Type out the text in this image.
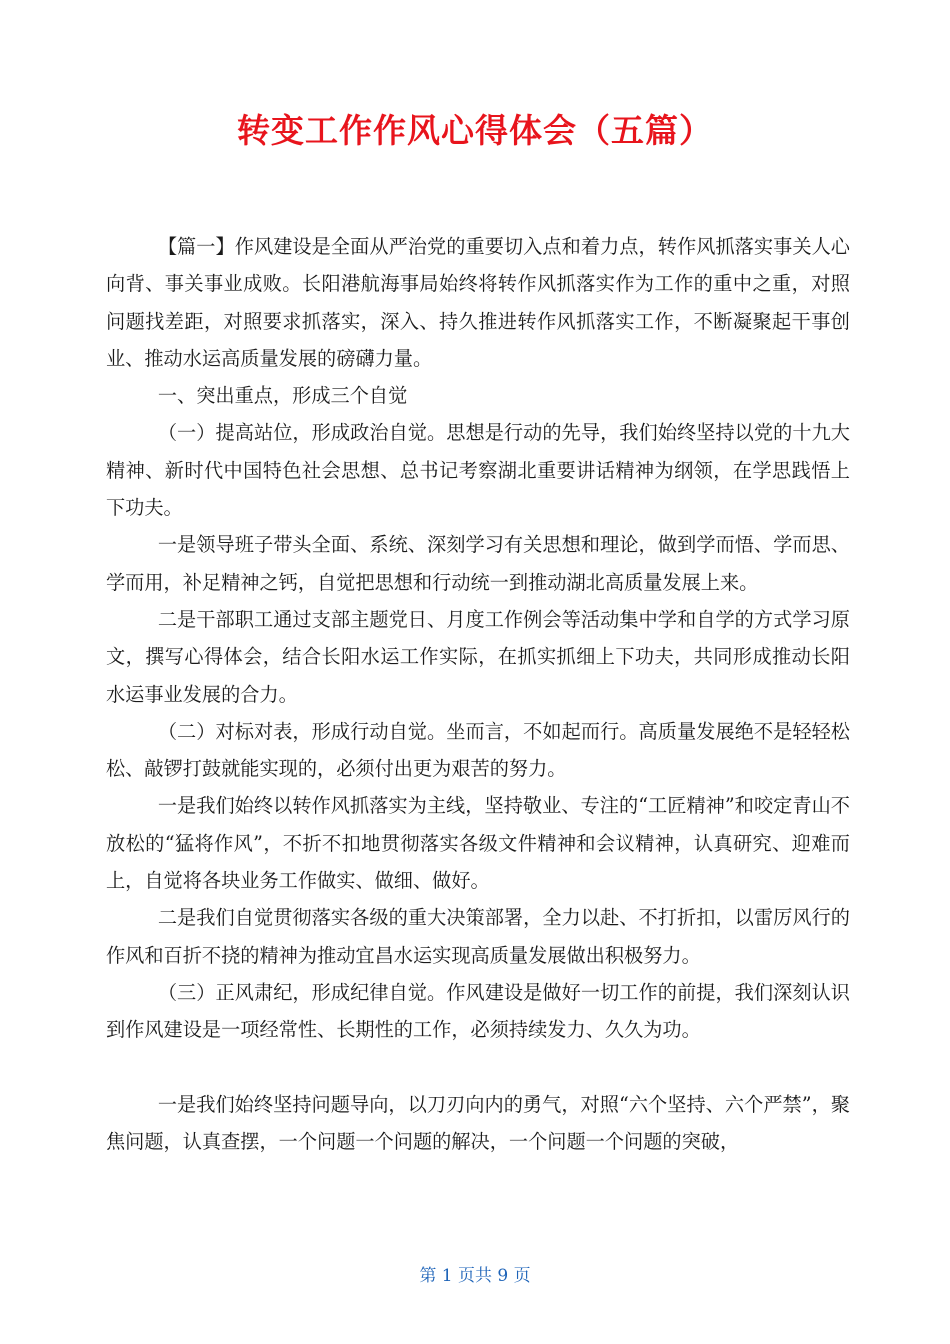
转变工作作风心得体会（五篇）

【篇一】作风建设是全面从严治党的重要切入点和着力点，转作风抓落实事关人心向背、事关事业成败。长阳港航海事局始终将转作风抓落实作为工作的重中之重，对照问题找差距，对照要求抓落实，深入、持久推进转作风抓落实工作，不断凝聚起干事创业、推动水运高质量发展的磅礴力量。

一、突出重点，形成三个自觉

（一）提高站位，形成政治自觉。思想是行动的先导，我们始终坚持以党的十九大精神、新时代中国特色社会思想、总书记考察湖北重要讲话精神为纲领，在学思践悟上下功夫。

一是领导班子带头全面、系统、深刻学习有关思想和理论，做到学而悟、学而思、学而用，补足精神之钙，自觉把思想和行动统一到推动湖北高质量发展上来。

二是干部职工通过支部主题党日、月度工作例会等活动集中学和自学的方式学习原文，撰写心得体会，结合长阳水运工作实际，在抓实抓细上下功夫，共同形成推动长阳水运事业发展的合力。

（二）对标对表，形成行动自觉。坐而言，不如起而行。高质量发展绝不是轻轻松松、敲锣打鼓就能实现的，必须付出更为艰苦的努力。

一是我们始终以转作风抓落实为主线，坚持敬业、专注的“工匠精神”和咬定青山不放松的“猛将作风”，不折不扣地贯彻落实各级文件精神和会议精神，认真研究、迎难而上，自觉将各块业务工作做实、做细、做好。

二是我们自觉贯彻落实各级的重大决策部署，全力以赴、不打折扣，以雷厉风行的作风和百折不挠的精神为推动宜昌水运实现高质量发展做出积极努力。

（三）正风肃纪，形成纪律自觉。作风建设是做好一切工作的前提，我们深刻认识到作风建设是一项经常性、长期性的工作，必须持续发力、久久为功。

一是我们始终坚持问题导向，以刀刃向内的勇气，对照“六个坚持、六个严禁”，聚焦问题，认真查摆，一个问题一个问题的解决，一个问题一个问题的突破，

第 1 页共 9 页
